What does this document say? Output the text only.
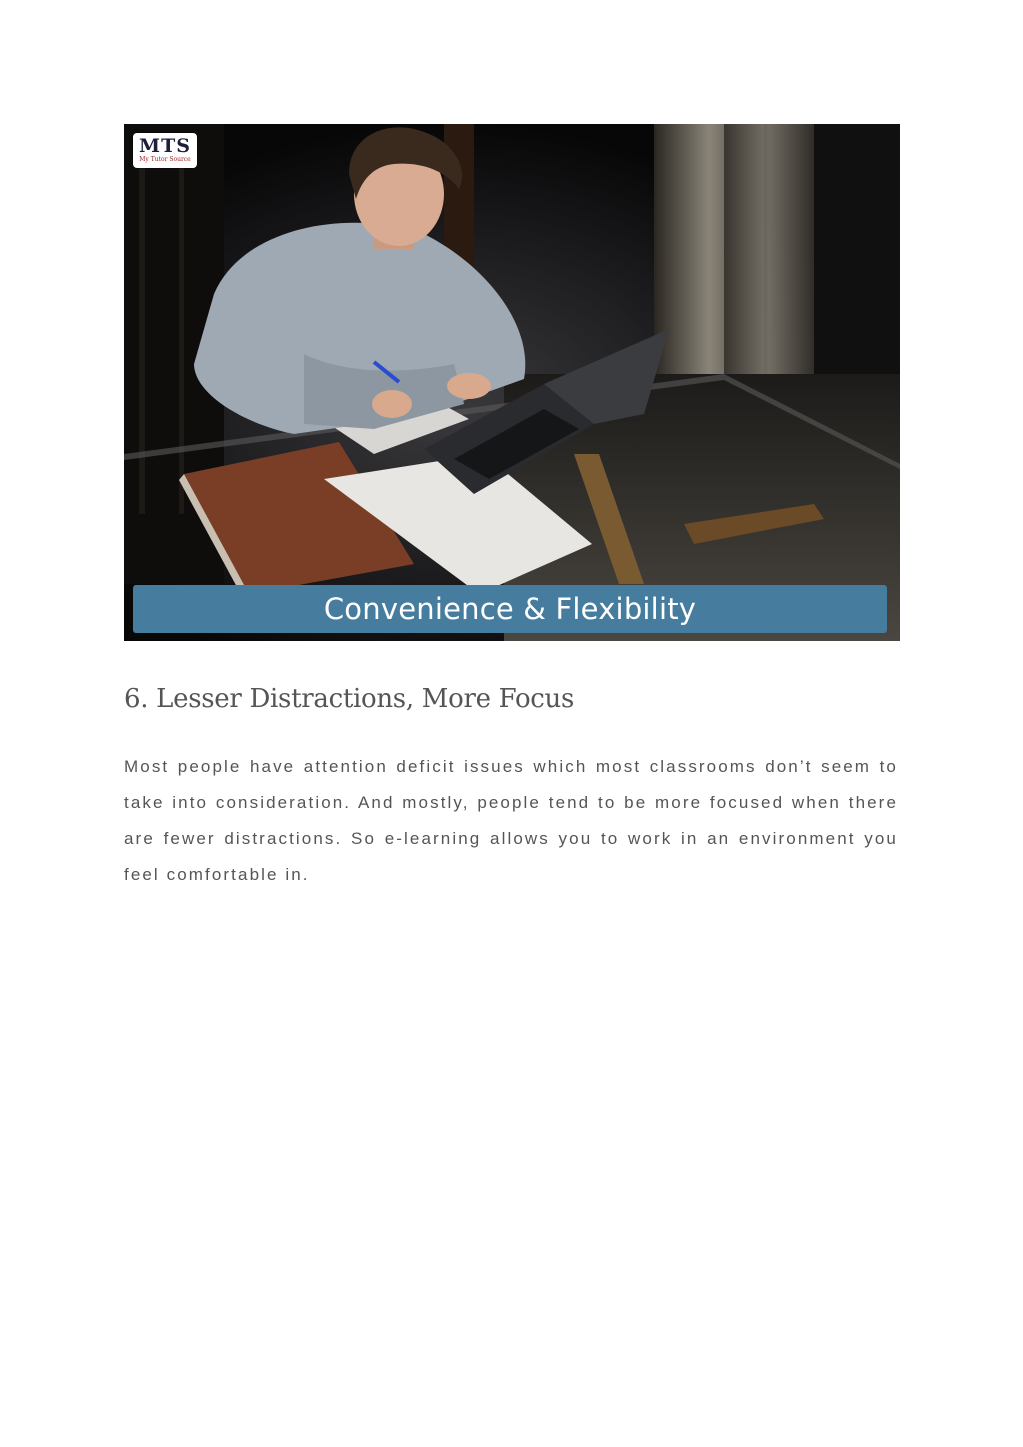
MTS
My Tutor Source
Convenience & Flexibility
6. Lesser Distractions, More Focus

Most people have attention deficit issues which most classrooms don’t seem to take into consideration. And mostly, people tend to be more focused when there are fewer distractions. So e-learning allows you to work in an environment you feel comfortable in.
